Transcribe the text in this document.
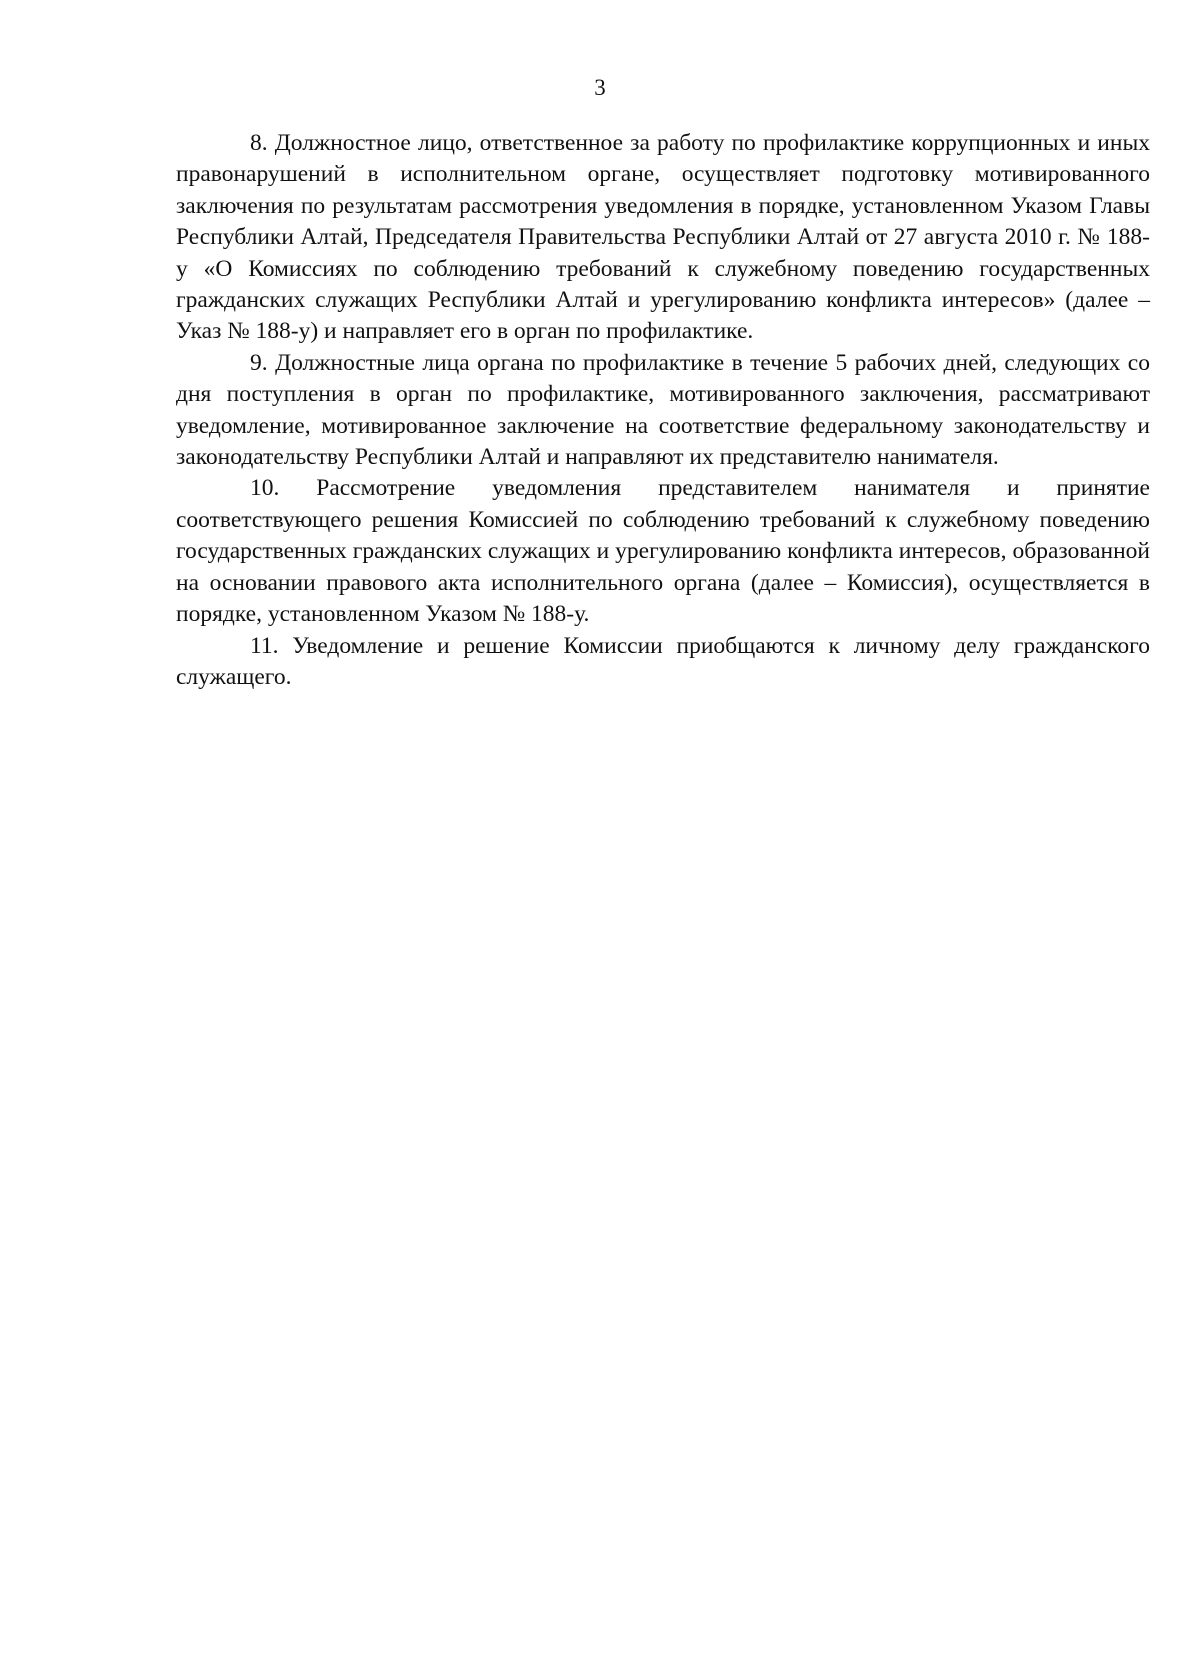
3

8. Должностное лицо, ответственное за работу по профилактике коррупционных и иных правонарушений в исполнительном органе, осуществляет подготовку мотивированного заключения по результатам рассмотрения уведомления в порядке, установленном Указом Главы Республики Алтай, Председателя Правительства Республики Алтай от 27 августа 2010 г. № 188-у «О Комиссиях по соблюдению требований к служебному поведению государственных гражданских служащих Республики Алтай и урегулированию конфликта интересов» (далее – Указ № 188-у) и направляет его в орган по профилактике.

9. Должностные лица органа по профилактике в течение 5 рабочих дней, следующих со дня поступления в орган по профилактике, мотивированного заключения, рассматривают уведомление, мотивированное заключение на соответствие федеральному законодательству и законодательству Республики Алтай и направляют их представителю нанимателя.

10. Рассмотрение уведомления представителем нанимателя и принятие соответствующего решения Комиссией по соблюдению требований к служебному поведению государственных гражданских служащих и урегулированию конфликта интересов, образованной на основании правового акта исполнительного органа (далее – Комиссия), осуществляется в порядке, установленном Указом № 188-у.

11. Уведомление и решение Комиссии приобщаются к личному делу гражданского служащего.
